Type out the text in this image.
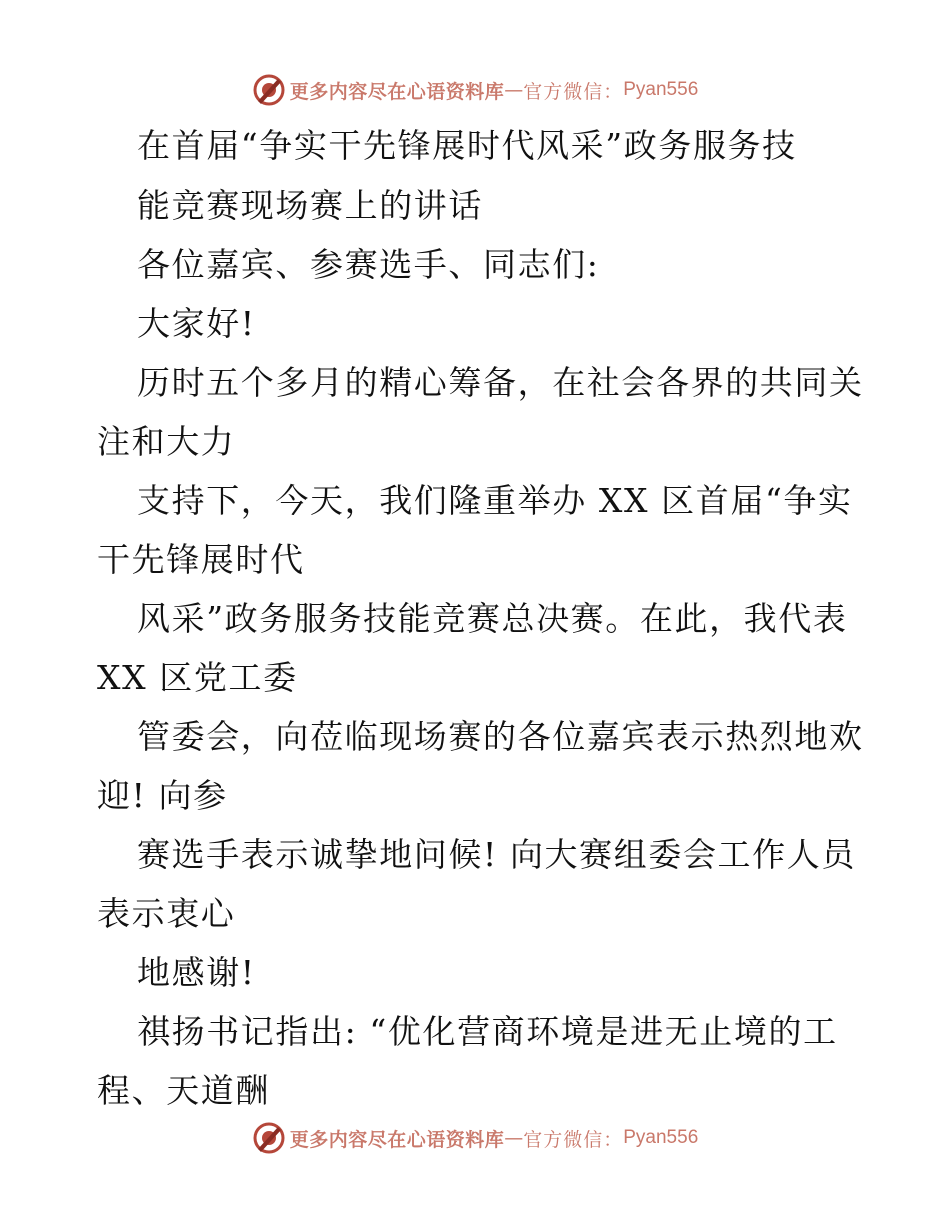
更多内容尽在心语资料库 — 官方微信： Pyan556
在首届“争实干先锋展时代风采”政务服务技
能竞赛现场赛上的讲话
各位嘉宾、参赛选手、同志们:
大家好!
历时五个多月的精心筹备，在社会各界的共同关
注和大力
支持下，今天，我们隆重举办 XX 区首届“争实
干先锋展时代
风采”政务服务技能竞赛总决赛。在此，我代表
XX 区党工委
管委会，向莅临现场赛的各位嘉宾表示热烈地欢
迎! 向参
赛选手表示诚挚地问候! 向大赛组委会工作人员
表示衷心
地感谢!
祺扬书记指出: “优化营商环境是进无止境的工
程、天道酬
更多内容尽在心语资料库 — 官方微信： Pyan556
